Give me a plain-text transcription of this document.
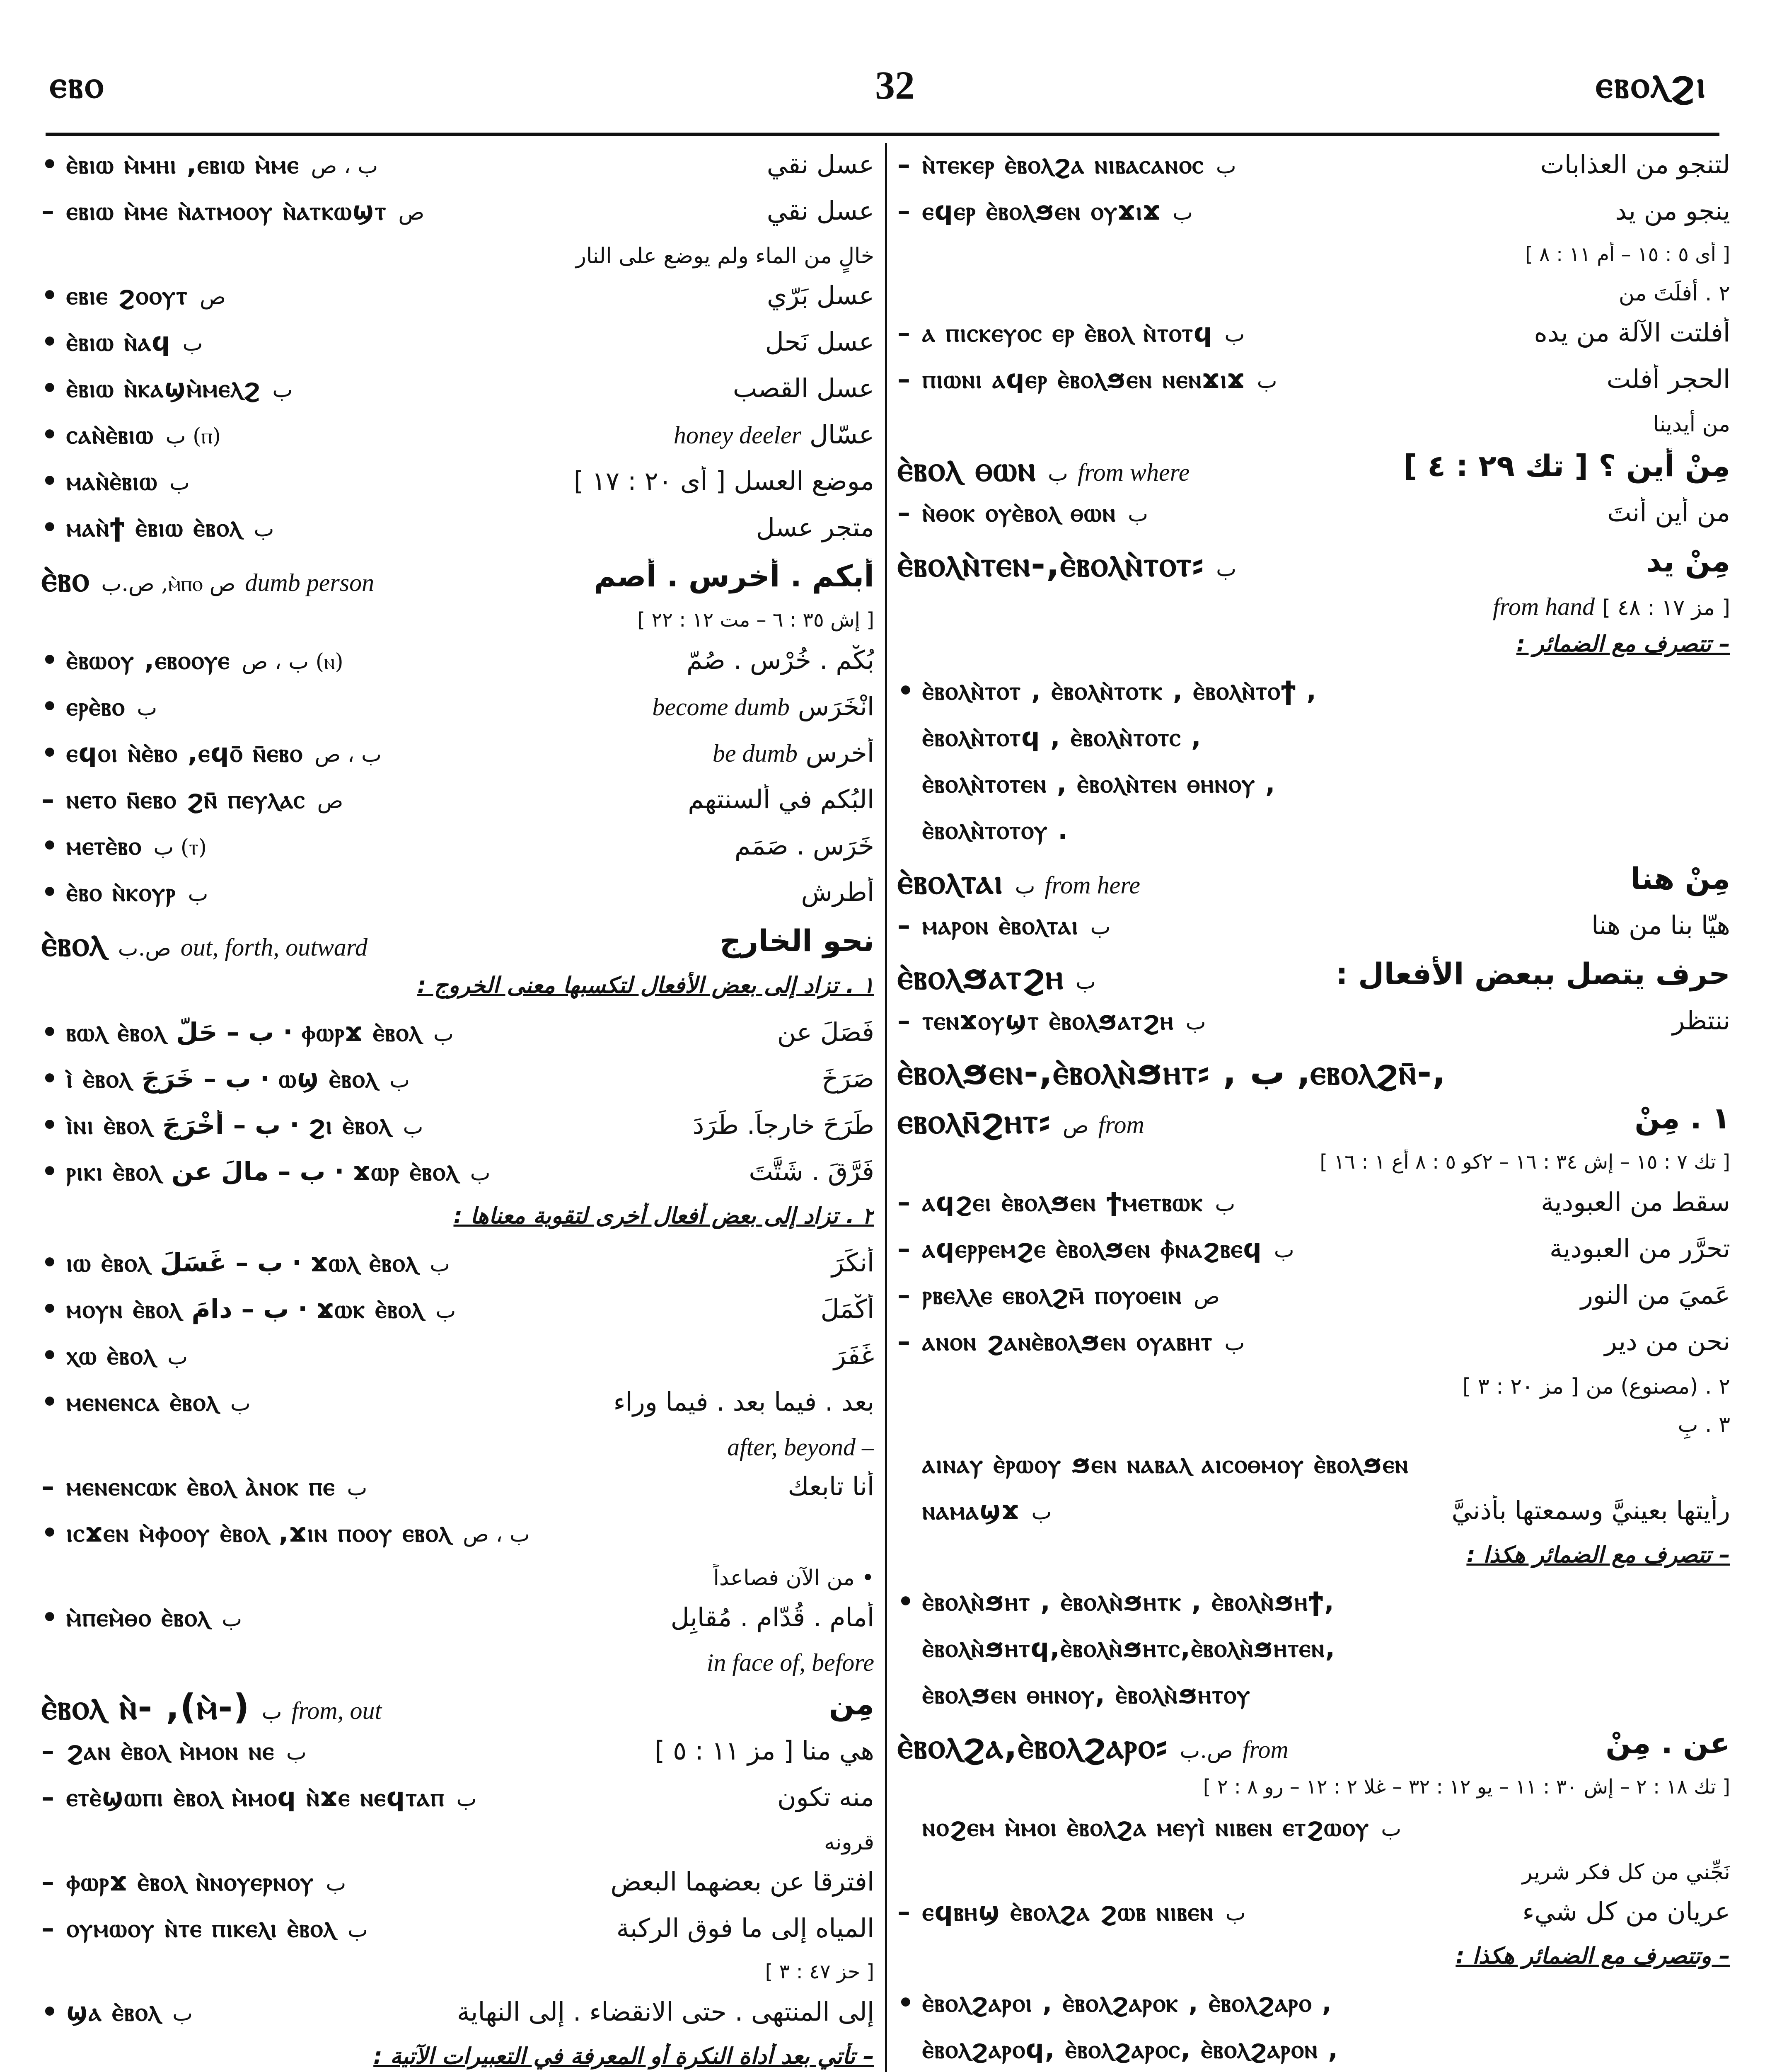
ⲉⲃⲟ	32	ⲉⲃⲟⲗϩⲓ
• ⲉ̀ⲃⲓⲱ ⲙ̀ⲙⲏⲓ ,ⲉⲃⲓⲱ ⲙ̀ⲙⲉ ب ، ص	عسل نقي
– ⲉⲃⲓⲱ ⲙ̀ⲙⲉ ⲛ̀ⲁⲧⲙⲟⲟⲩ ⲛ̀ⲁⲧⲕⲱϣⲧ ص	عسل نقي
خالٍ من الماء ولم يوضع على النار
• ⲉⲃⲓⲉ ϩⲟⲟⲩⲧ ص	عسل بَرّي
• ⲉ̀ⲃⲓⲱ ⲛ̀ⲁϥ ب	عسل نَحل
• ⲉ̀ⲃⲓⲱ ⲛ̀ⲕⲁϣⲙ̀ⲙⲉⲗϩ ب	عسل القصب
• ⲥⲁⲛ̀ⲉ̀ⲃⲓⲱ ب (ⲡ)	honey deeler عسّال
• ⲙⲁⲛ̀ⲉ̀ⲃⲓⲱ ب	موضع العسل [ أى ٢٠ : ١٧ ]
• ⲙⲁⲛ̀ϯ ⲉ̀ⲃⲓⲱ ⲉ̀ⲃⲟⲗ ب	متجر عسل
ⲉ̀ⲃⲟ ص.ب ,ⲙ̀ⲡⲟ ص dumb person	أبكم . أخرس . أصم
[ إش ٣٥ : ٦ – مت ١٢ : ٢٢ ]
• ⲉ̀ⲃⲱⲟⲩ ,ⲉⲃⲟⲟⲩⲉ ب ، ص (ⲛ)	بُكْم . خُرْس . صُمّ
• ⲉⲣⲉ̀ⲃⲟ ب	become dumb انْخَرَس
• ⲉϥⲟⲓ ⲛ̀ⲉ̀ⲃⲟ ,ⲉϥⲟ̄ ⲛ̄ⲉⲃⲟ ب ، ص	be dumb أخرس
– ⲛⲉⲧⲟ ⲛ̄ⲉⲃⲟ ϩⲛ̄ ⲡⲉⲩⲗⲁⲥ ص	البُكم في ألسنتهم
• ⲙⲉⲧⲉ̀ⲃⲟ ب (ⲧ)	خَرَس . صَمَم
• ⲉ̀ⲃⲟ ⲛ̀ⲕⲟⲩⲣ ب	أطرش
ⲉ̀ⲃⲟⲗ ص.ب out, forth, outward	نحو الخارج
١ . تزاد إلى بعض الأفعال لتكسبها معنى الخروج :
• ⲃⲱⲗ ⲉ̀ⲃⲟⲗ ب – حَلّ · ⲫⲱⲣϫ ⲉ̀ⲃⲟⲗ ب	فَصَلَ عن
• ⲓ̀ ⲉ̀ⲃⲟⲗ ب – خَرَجَ · ⲱϣ ⲉ̀ⲃⲟⲗ ب	صَرَخَ
• ⲓ̀ⲛⲓ ⲉ̀ⲃⲟⲗ ب – أخْرَجَ · ϩⲓ ⲉ̀ⲃⲟⲗ ب	طَرَحَ خارجاً. طَرَدَ
• ⲣⲓⲕⲓ ⲉ̀ⲃⲟⲗ ب – مالَ عن · ϫⲱⲣ ⲉ̀ⲃⲟⲗ ب	فَرَّقَ . شَتَّتَ
٢ . تزاد إلى بعض أفعال أخرى لتقوية معناها :
• ⲓⲱ ⲉ̀ⲃⲟⲗ ب – غَسَلَ · ϫⲱⲗ ⲉ̀ⲃⲟⲗ ب	أنكَرَ
• ⲙⲟⲩⲛ ⲉ̀ⲃⲟⲗ ب – دامَ · ϫⲱⲕ ⲉ̀ⲃⲟⲗ ب	أكْمَلَ
• ⲭⲱ ⲉ̀ⲃⲟⲗ ب	غَفَرَ
• ⲙⲉⲛⲉⲛⲥⲁ ⲉ̀ⲃⲟⲗ ب	بعد . فيما بعد . فيما وراء
after, beyond –
– ⲙⲉⲛⲉⲛⲥⲱⲕ ⲉ̀ⲃⲟⲗ ⲁ̀ⲛⲟⲕ ⲡⲉ ب	أنا تابعك
• ⲓⲥϫⲉⲛ ⲙ̀ⲫⲟⲟⲩ ⲉ̀ⲃⲟⲗ ,ϫⲓⲛ ⲡⲟⲟⲩ ⲉⲃⲟⲗ ب ، ص
• من الآن فصاعداً
• ⲙ̀ⲡⲉⲙ̀ⲑⲟ ⲉ̀ⲃⲟⲗ ب	أمام . قُدّام . مُقابِل
in face of, before
ⲉ̀ⲃⲟⲗ ⲛ̀- ,(ⲙ̀-) ب from, out	مِن
– ϩⲁⲛ ⲉ̀ⲃⲟⲗ ⲙ̀ⲙⲟⲛ ⲛⲉ ب	هي منا [ مز ١١ : ٥ ]
– ⲉⲧⲉ̀ϣⲱⲡⲓ ⲉ̀ⲃⲟⲗ ⲙ̀ⲙⲟϥ ⲛ̀ϫⲉ ⲛⲉϥⲧⲁⲡ ب	منه تكون
قرونه
– ⲫⲱⲣϫ ⲉ̀ⲃⲟⲗ ⲛ̀ⲛⲟⲩⲉⲣⲛⲟⲩ ب	افترقا عن بعضهما البعض
– ⲟⲩⲙⲱⲟⲩ ⲛ̀ⲧⲉ ⲡⲓⲕⲉⲗⲓ ⲉ̀ⲃⲟⲗ ب	المياه إلى ما فوق الركبة
[ حز ٤٧ : ٣ ]
• ϣⲁ ⲉ̀ⲃⲟⲗ ب	إلى المنتهى . حتى الانقضاء . إلى النهاية
– تأتي بعد أداة النكرة أو المعرفة في التعبيرات الآتية :
– ⲛ̀ⲧⲉⲕⲉⲣ ⲉ̀ⲃⲟⲗϩⲁ ⲛⲓⲃⲁⲥⲁⲛⲟⲥ ب	لتنجو من العذابات
– ⲉϥⲉⲣ ⲉ̀ⲃⲟⲗϧⲉⲛ ⲟⲩϫⲓϫ ب	ينجو من يد
[ أى ٥ : ١٥ – أم ١١ : ٨ ]
٢ . أفلَتَ من
– ⲁ ⲡⲓⲥⲕⲉⲩⲟⲥ ⲉⲣ ⲉ̀ⲃⲟⲗ ⲛ̀ⲧⲟⲧϥ ب	أفلتت الآلة من يده
– ⲡⲓⲱⲛⲓ ⲁϥⲉⲣ ⲉ̀ⲃⲟⲗϧⲉⲛ ⲛⲉⲛϫⲓϫ ب	الحجر أفلت
من أيدينا
ⲉ̀ⲃⲟⲗ ⲑⲱⲛ ب from where	مِنْ أين ؟ [ تك ٢٩ : ٤ ]
– ⲛ̀ⲑⲟⲕ ⲟⲩⲉ̀ⲃⲟⲗ ⲑⲱⲛ ب	من أين أنتَ
ⲉ̀ⲃⲟⲗⲛ̀ⲧⲉⲛ-,ⲉ̀ⲃⲟⲗⲛ̀ⲧⲟⲧ⸗ ب	مِنْ يد
from hand [ مز ١٧ : ٤٨ ]
– تتصرف مع الضمائر :
• ⲉ̀ⲃⲟⲗⲛ̀ⲧⲟⲧ , ⲉ̀ⲃⲟⲗⲛ̀ⲧⲟⲧⲕ , ⲉ̀ⲃⲟⲗⲛ̀ⲧⲟϯ ,
ⲉ̀ⲃⲟⲗⲛ̀ⲧⲟⲧϥ , ⲉ̀ⲃⲟⲗⲛ̀ⲧⲟⲧⲥ ,
ⲉ̀ⲃⲟⲗⲛ̀ⲧⲟⲧⲉⲛ , ⲉ̀ⲃⲟⲗⲛ̀ⲧⲉⲛ ⲑⲏⲛⲟⲩ ,
ⲉ̀ⲃⲟⲗⲛ̀ⲧⲟⲧⲟⲩ .
ⲉ̀ⲃⲟⲗⲧⲁⲓ ب from here	مِنْ هنا
– ⲙⲁⲣⲟⲛ ⲉ̀ⲃⲟⲗⲧⲁⲓ ب	هيّا بنا من هنا
ⲉ̀ⲃⲟⲗϧⲁⲧϩⲏ ب	حرف يتصل ببعض الأفعال :
– ⲧⲉⲛϫⲟⲩϣⲧ ⲉ̀ⲃⲟⲗϧⲁⲧϩⲏ ب	ننتظر
ⲉ̀ⲃⲟⲗϧⲉⲛ-,ⲉ̀ⲃⲟⲗⲛ̀ϧⲏⲧ⸗ , ب ,ⲉⲃⲟⲗϩⲛ̄-,
ⲉⲃⲟⲗⲛ̄ϩⲏⲧ⸗ ص from	١ . مِنْ
[ تك ٧ : ١٥ – إش ٣٤ : ١٦ – ٢كو ٥ : ٨ أع ١ : ١٦ ]
– ⲁϥϩⲉⲓ ⲉ̀ⲃⲟⲗϧⲉⲛ ϯⲙⲉⲧⲃⲱⲕ ب	سقط من العبودية
– ⲁϥⲉⲣⲣⲉⲙϩⲉ ⲉ̀ⲃⲟⲗϧⲉⲛ ⲫ̀ⲛⲁϩⲃⲉϥ ب	تحرَّر من العبودية
– ⲣⲃⲉⲗⲗⲉ ⲉⲃⲟⲗϩⲙ̄ ⲡⲟⲩⲟⲉⲓⲛ ص	عَميَ من النور
– ⲁⲛⲟⲛ ϩⲁⲛⲉ̀ⲃⲟⲗϧⲉⲛ ⲟⲩⲁⲃⲏⲧ ب	نحن من دير
٢ . (مصنوع) من [ مز ٢٠ : ٣ ]
٣ . بِ
ⲁⲓⲛⲁⲩ ⲉ̀ⲣⲱⲟⲩ ϧⲉⲛ ⲛⲁⲃⲁⲗ ⲁⲓⲥⲟⲑⲙⲟⲩ ⲉ̀ⲃⲟⲗϧⲉⲛ
ⲛⲁⲙⲁϣϫ ب	رأيتها بعينيَّ وسمعتها بأذنيَّ
– تتصرف مع الضمائر هكذا :
• ⲉ̀ⲃⲟⲗⲛ̀ϧⲏⲧ , ⲉ̀ⲃⲟⲗⲛ̀ϧⲏⲧⲕ , ⲉ̀ⲃⲟⲗⲛ̀ϧⲏϯ,
ⲉ̀ⲃⲟⲗⲛ̀ϧⲏⲧϥ,ⲉ̀ⲃⲟⲗⲛ̀ϧⲏⲧⲥ,ⲉ̀ⲃⲟⲗⲛ̀ϧⲏⲧⲉⲛ,
ⲉ̀ⲃⲟⲗϧⲉⲛ ⲑⲏⲛⲟⲩ, ⲉ̀ⲃⲟⲗⲛ̀ϧⲏⲧⲟⲩ
ⲉ̀ⲃⲟⲗϩⲁ,ⲉ̀ⲃⲟⲗϩⲁⲣⲟ⸗ ص.ب from	عن . مِنْ
[ تك ١٨ : ٢ – إش ٣٠ : ١١ – يو ١٢ : ٣٢ – غلا ٢ : ١٢ – رو ٨ : ٢ ]
ⲛⲟϩⲉⲙ ⲙ̀ⲙⲟⲓ ⲉ̀ⲃⲟⲗϩⲁ ⲙⲉⲩⲓ̀ ⲛⲓⲃⲉⲛ ⲉⲧϩⲱⲟⲩ ب
نَجِّني من كل فكر شرير
– ⲉϥⲃⲏϣ ⲉ̀ⲃⲟⲗϩⲁ ϩⲱⲃ ⲛⲓⲃⲉⲛ ب	عريان من كل شيء
– وتتصرف مع الضمائر هكذا :
• ⲉ̀ⲃⲟⲗϩⲁⲣⲟⲓ , ⲉ̀ⲃⲟⲗϩⲁⲣⲟⲕ , ⲉ̀ⲃⲟⲗϩⲁⲣⲟ ,
ⲉ̀ⲃⲟⲗϩⲁⲣⲟϥ, ⲉ̀ⲃⲟⲗϩⲁⲣⲟⲥ, ⲉ̀ⲃⲟⲗϩⲁⲣⲟⲛ ,
